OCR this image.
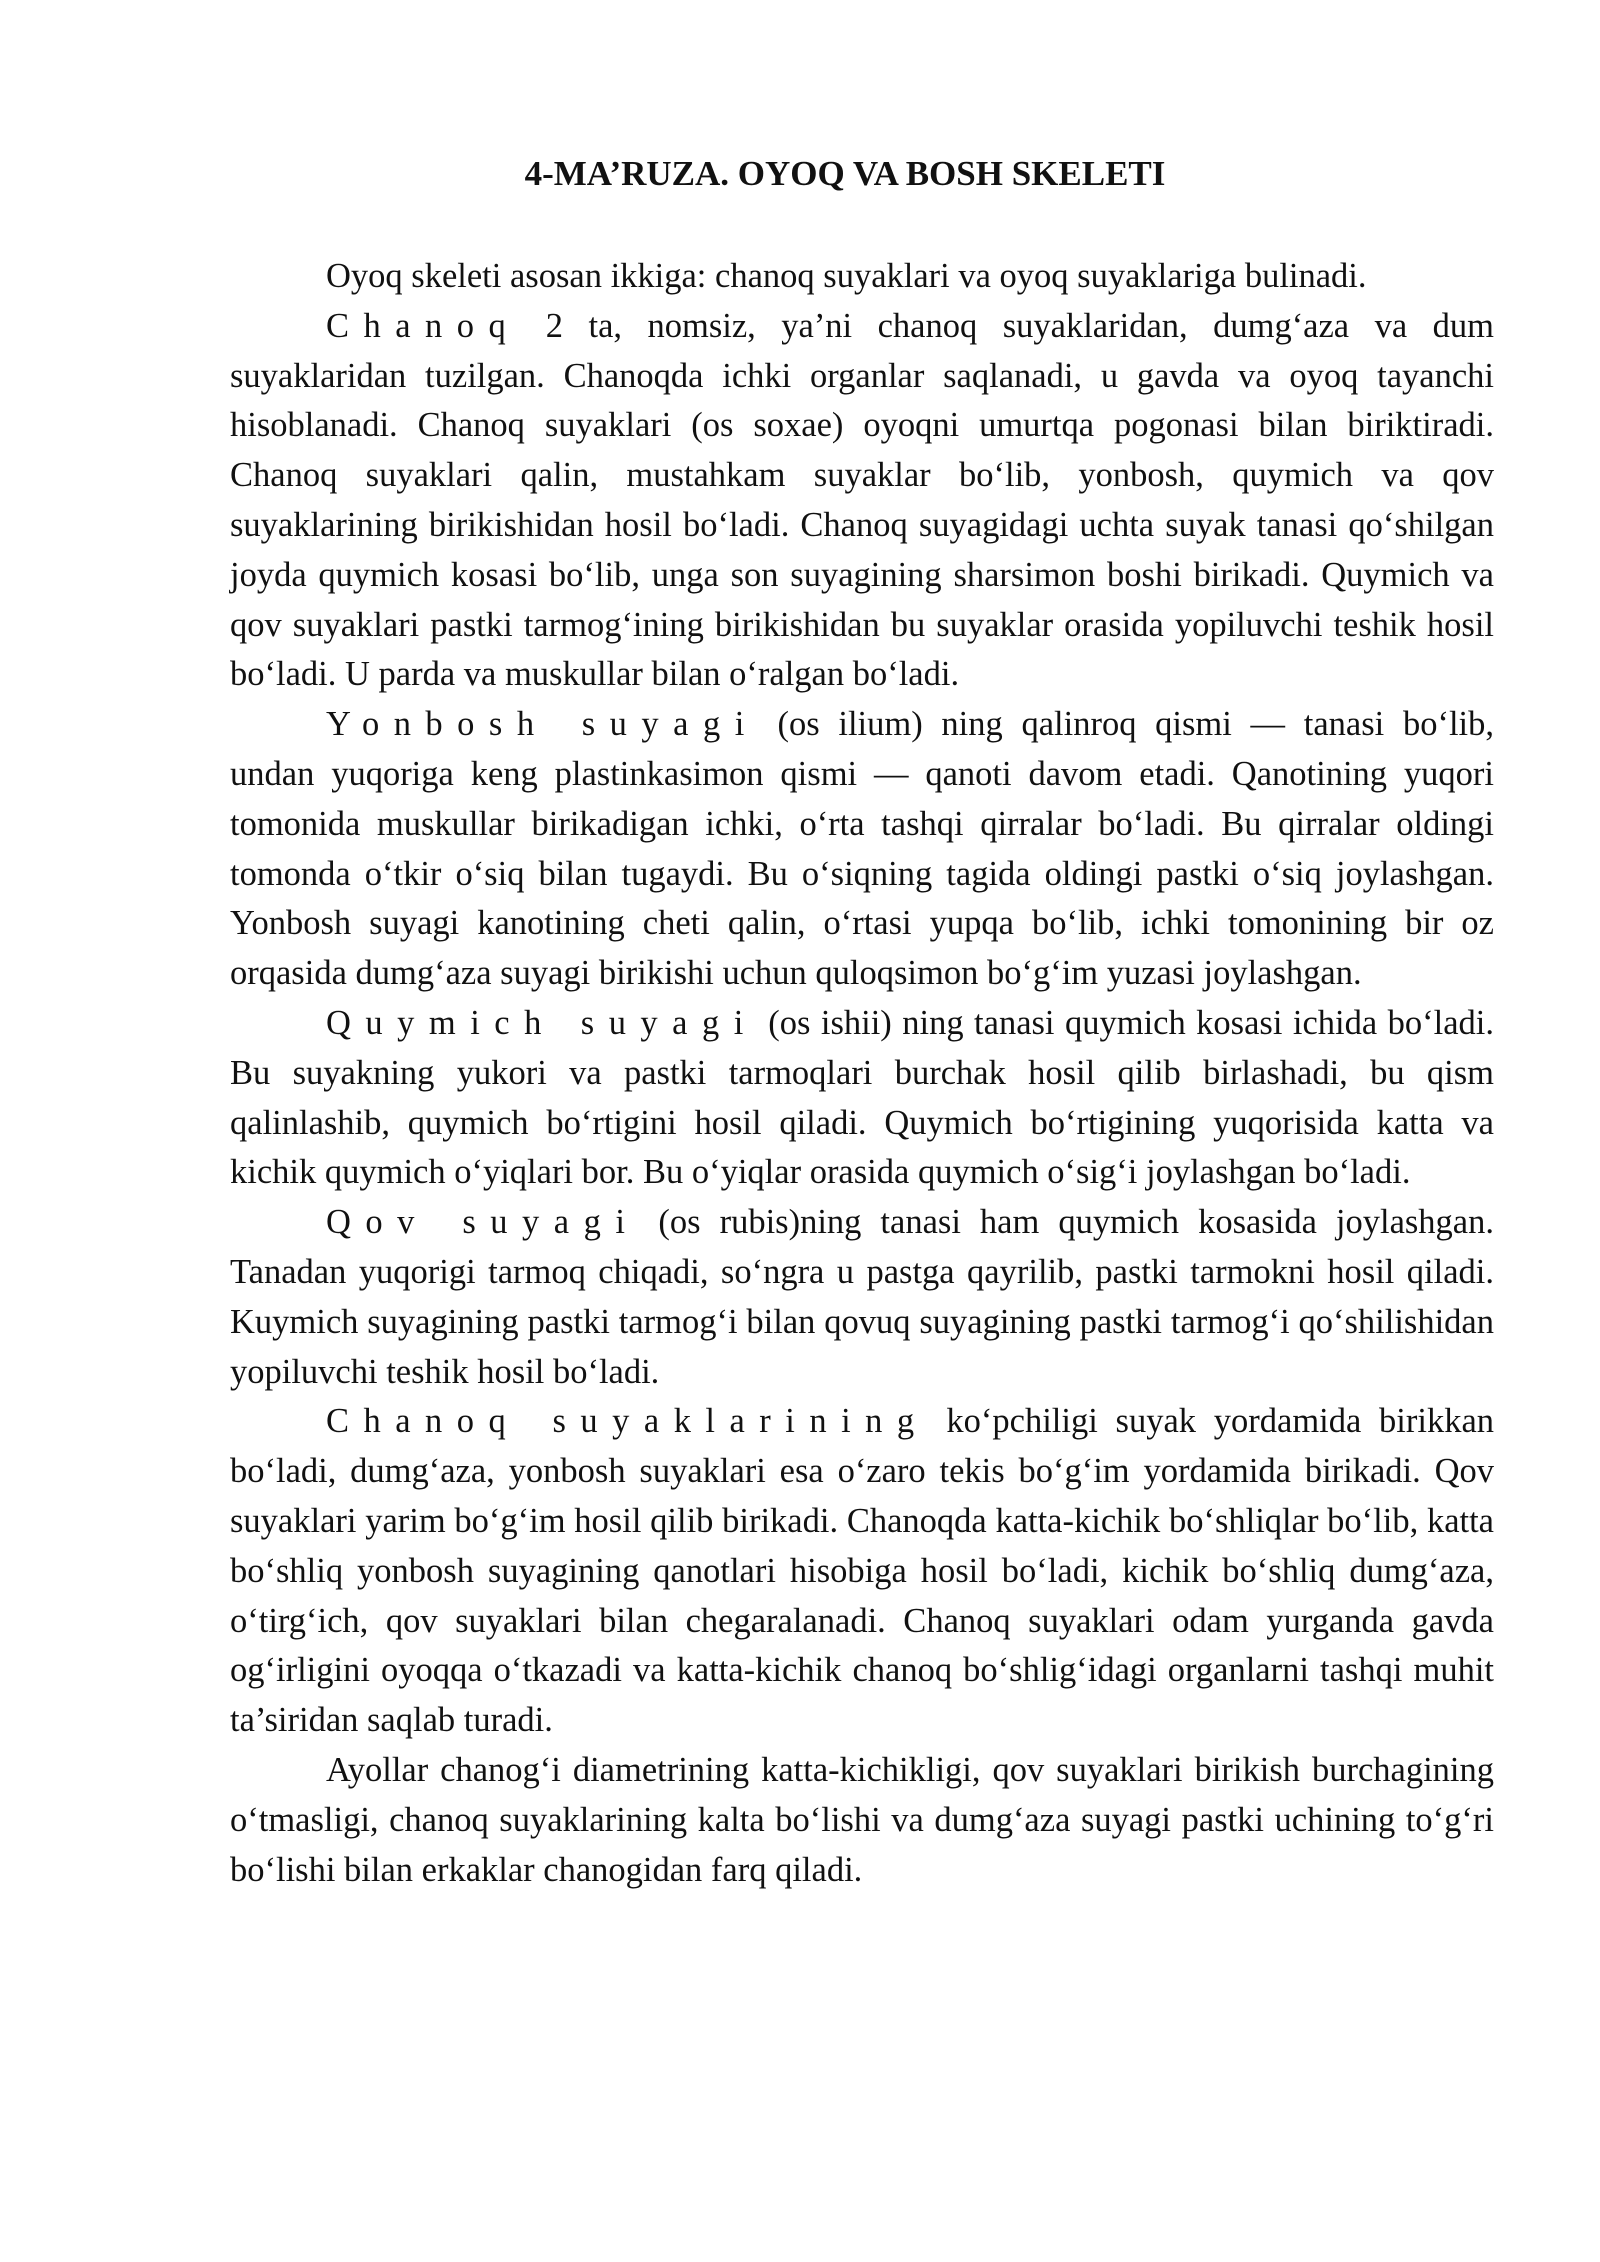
4-MA’RUZA. OYOQ VA BOSH SKELETI

Oyoq skeleti asosan ikkiga: chanoq suyaklari va oyoq suyaklariga bulinadi.

Chanoq 2 ta, nomsiz, ya’ni chanoq suyaklaridan, dumg‘aza va dum suyaklaridan tuzilgan. Chanoqda ichki organlar saqlanadi, u gavda va oyoq tayanchi hisoblanadi. Chanoq suyaklari (os soxae) oyoqni umurtqa pogonasi bilan biriktiradi. Chanoq suyaklari qalin, mustahkam suyaklar bo‘lib, yonbosh, quymich va qov suyaklarining birikishidan hosil bo‘ladi. Chanoq suyagidagi uchta suyak tanasi qo‘shilgan joyda quymich kosasi bo‘lib, unga son suyagining sharsimon boshi birikadi. Quymich va qov suyaklari pastki tarmog‘ining birikishidan bu suyaklar orasida yopiluvchi teshik hosil bo‘ladi. U parda va muskullar bilan o‘ralgan bo‘ladi.

Yonbosh suyagi (os ilium) ning qalinroq qismi — tanasi bo‘lib, undan yuqoriga keng plastinkasimon qismi — qanoti davom etadi. Qanotining yuqori tomonida muskullar birikadigan ichki, o‘rta tashqi qirralar bo‘ladi. Bu qirralar oldingi tomonda o‘tkir o‘siq bilan tugaydi. Bu o‘siqning tagida oldingi pastki o‘siq joylashgan. Yonbosh suyagi kanotining cheti qalin, o‘rtasi yupqa bo‘lib, ichki tomonining bir oz orqasida dumg‘aza suyagi birikishi uchun quloqsimon bo‘g‘im yuzasi joylashgan.

Quymich suyagi (os ishii) ning tanasi quymich kosasi ichida bo‘ladi. Bu suyakning yukori va pastki tarmoqlari burchak hosil qilib birlashadi, bu qism qalinlashib, quymich bo‘rtigini hosil qiladi. Quymich bo‘rtigining yuqorisida katta va kichik quymich o‘yiqlari bor. Bu o‘yiqlar orasida quymich o‘sig‘i joylashgan bo‘ladi.

Qov suyagi (os rubis)ning tanasi ham quymich kosasida joylashgan. Tanadan yuqorigi tarmoq chiqadi, so‘ngra u pastga qayrilib, pastki tarmokni hosil qiladi. Kuymich suyagining pastki tarmog‘i bilan qovuq suyagining pastki tarmog‘i qo‘shilishidan yopiluvchi teshik hosil bo‘ladi.

Chanoq suyaklarining ko‘pchiligi suyak yordamida birikkan bo‘ladi, dumg‘aza, yonbosh suyaklari esa o‘zaro tekis bo‘g‘im yordamida birikadi. Qov suyaklari yarim bo‘g‘im hosil qilib birikadi. Chanoqda katta-kichik bo‘shliqlar bo‘lib, katta bo‘shliq yonbosh suyagining qanotlari hisobiga hosil bo‘ladi, kichik bo‘shliq dumg‘aza, o‘tirg‘ich, qov suyaklari bilan chegaralanadi. Chanoq suyaklari odam yurganda gavda og‘irligini oyoqqa o‘tkazadi va katta-kichik chanoq bo‘shlig‘idagi organlarni tashqi muhit ta’siridan saqlab turadi.

Ayollar chanog‘i diametrining katta-kichikligi, qov suyaklari birikish burchagining o‘tmasligi, chanoq suyaklarining kalta bo‘lishi va dumg‘aza suyagi pastki uchining to‘g‘ri bo‘lishi bilan erkaklar chanogidan farq qiladi.
